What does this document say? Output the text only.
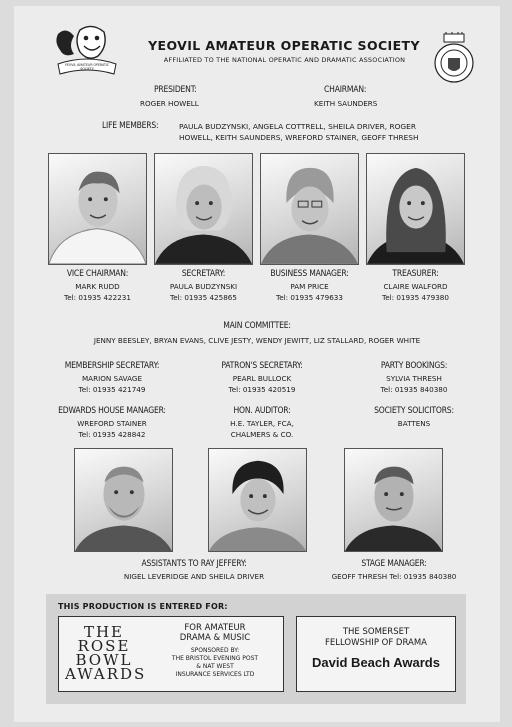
YEOVIL AMATEUR OPERATIC SOCIETY
YEOVIL AMATEUR OPERATIC SOCIETY
AFFILIATED TO THE NATIONAL OPERATIC AND DRAMATIC ASSOCIATION
PRESIDENT:
ROGER HOWELL
CHAIRMAN:
KEITH SAUNDERS
LIFE MEMBERS:	PAULA BUDZYNSKI, ANGELA COTTRELL, SHEILA DRIVER, ROGER
HOWELL, KEITH SAUNDERS, WREFORD STAINER, GEOFF THRESH
VICE CHAIRMAN:
MARK RUDD
Tel: 01935 422231
SECRETARY:
PAULA BUDZYNSKI
Tel: 01935 425865
BUSINESS MANAGER:
PAM PRICE
Tel: 01935 479633
TREASURER:
CLAIRE WALFORD
Tel: 01935 479380
MAIN COMMITTEE:
JENNY BEESLEY, BRYAN EVANS, CLIVE JESTY, WENDY JEWITT, LIZ STALLARD, ROGER WHITE
MEMBERSHIP SECRETARY:
MARION SAVAGE
Tel: 01935 421749
PATRON'S SECRETARY:
PEARL BULLOCK
Tel: 01935 420519
PARTY BOOKINGS:
SYLVIA THRESH
Tel: 01935 840380
EDWARDS HOUSE MANAGER:
WREFORD STAINER
Tel: 01935 428842
HON. AUDITOR:
H.E. TAYLER, FCA,
CHALMERS & CO.
SOCIETY SOLICITORS:
BATTENS
ASSISTANTS TO RAY JEFFERY:
NIGEL LEVERIDGE AND SHEILA DRIVER
STAGE MANAGER:
GEOFF THRESH Tel: 01935 840380
THIS PRODUCTION IS ENTERED FOR:
THE
ROSE
BOWL
AWARDS
FOR AMATEUR
DRAMA & MUSIC
SPONSORED BY:
THE BRISTOL EVENING POST
& NAT WEST
INSURANCE SERVICES LTD
THE SOMERSET
FELLOWSHIP OF DRAMA
David Beach Awards
